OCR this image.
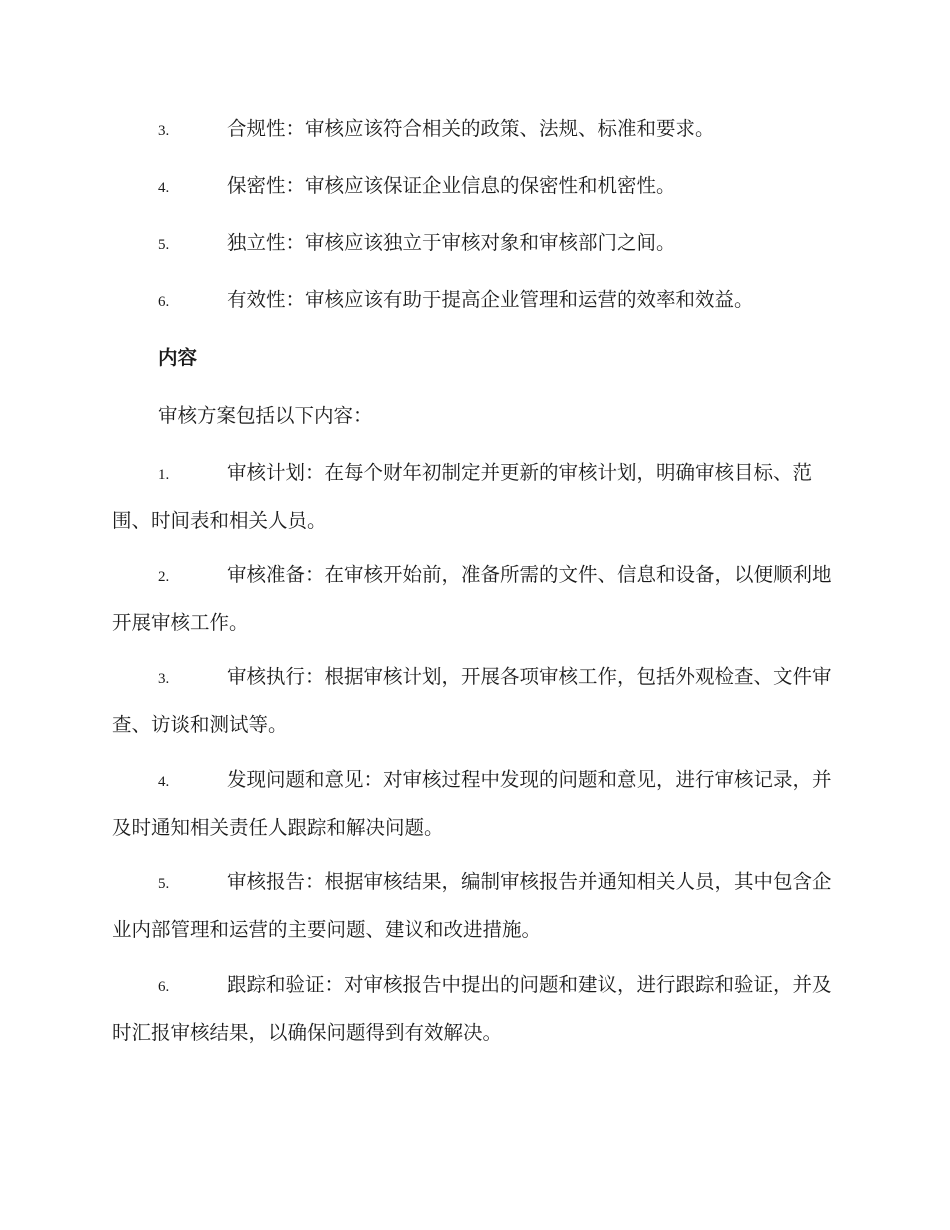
3.	合规性：审核应该符合相关的政策、法规、标准和要求。
4.	保密性：审核应该保证企业信息的保密性和机密性。
5.	独立性：审核应该独立于审核对象和审核部门之间。
6.	有效性：审核应该有助于提高企业管理和运营的效率和效益。
内容
审核方案包括以下内容：
1.	审核计划：在每个财年初制定并更新的审核计划，明确审核目标、范围、时间表和相关人员。
2.	审核准备：在审核开始前，准备所需的文件、信息和设备，以便顺利地开展审核工作。
3.	审核执行：根据审核计划，开展各项审核工作，包括外观检查、文件审查、访谈和测试等。
4.	发现问题和意见：对审核过程中发现的问题和意见，进行审核记录，并及时通知相关责任人跟踪和解决问题。
5.	审核报告：根据审核结果，编制审核报告并通知相关人员，其中包含企业内部管理和运营的主要问题、建议和改进措施。
6.	跟踪和验证：对审核报告中提出的问题和建议，进行跟踪和验证，并及时汇报审核结果，以确保问题得到有效解决。
